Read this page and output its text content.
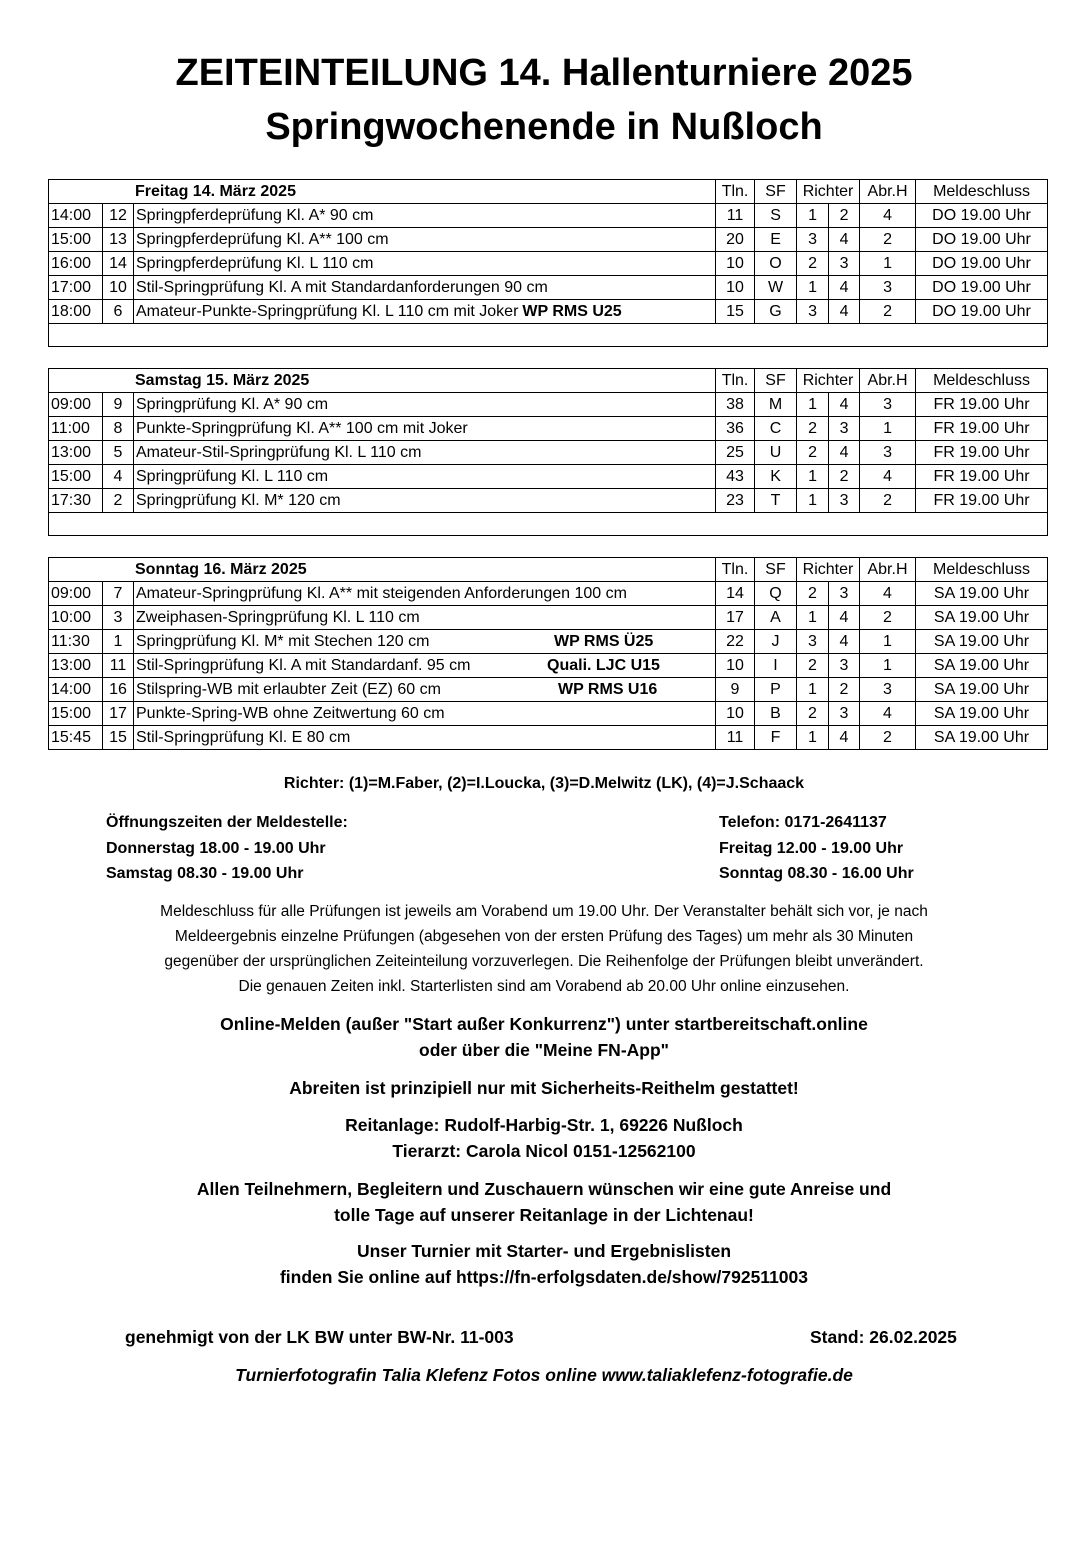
ZEITEINTEILUNG 14. Hallenturniere 2025
Springwochenende in Nußloch
Freitag 14. März 2025			Tln.	SF	Richter		Abr.H	Meldeschluss
14:00	12	Springpferdeprüfung Kl. A* 90 cm	11	S	1	2	4	DO 19.00 Uhr
15:00	13	Springpferdeprüfung Kl. A** 100 cm	20	E	3	4	2	DO 19.00 Uhr
16:00	14	Springpferdeprüfung Kl. L 110 cm	10	O	2	3	1	DO 19.00 Uhr
17:00	10	Stil-Springprüfung Kl. A mit Standardanforderungen 90 cm	10	W	1	4	3	DO 19.00 Uhr
18:00	6	Amateur-Punkte-Springprüfung Kl. L 110 cm mit Joker WP RMS U25	15	G	3	4	2	DO 19.00 Uhr

Samstag 15. März 2025			Tln.	SF	Richter		Abr.H	Meldeschluss
09:00	9	Springprüfung Kl. A* 90 cm	38	M	1	4	3	FR 19.00 Uhr
11:00	8	Punkte-Springprüfung Kl. A** 100 cm mit Joker	36	C	2	3	1	FR 19.00 Uhr
13:00	5	Amateur-Stil-Springprüfung Kl. L 110 cm	25	U	2	4	3	FR 19.00 Uhr
15:00	4	Springprüfung Kl. L 110 cm	43	K	1	2	4	FR 19.00 Uhr
17:30	2	Springprüfung Kl. M* 120 cm	23	T	1	3	2	FR 19.00 Uhr

Sonntag 16. März 2025			Tln.	SF	Richter		Abr.H	Meldeschluss
09:00	7	Amateur-Springprüfung Kl. A** mit steigenden Anforderungen 100 cm	14	Q	2	3	4	SA 19.00 Uhr
10:00	3	Zweiphasen-Springprüfung Kl. L 110 cm	17	A	1	4	2	SA 19.00 Uhr
11:30	1	Springprüfung Kl. M* mit Stechen 120 cm WP RMS Ü25	22	J	3	4	1	SA 19.00 Uhr
13:00	11	Stil-Springprüfung Kl. A mit Standardanf. 95 cm Quali. LJC U15	10	I	2	3	1	SA 19.00 Uhr
14:00	16	Stilspring-WB mit erlaubter Zeit (EZ) 60 cm WP RMS U16	9	P	1	2	3	SA 19.00 Uhr
15:00	17	Punkte-Spring-WB ohne Zeitwertung 60 cm	10	B	2	3	4	SA 19.00 Uhr
15:45	15	Stil-Springprüfung Kl. E 80 cm	11	F	1	4	2	SA 19.00 Uhr
Richter: (1)=M.Faber, (2)=I.Loucka, (3)=D.Melwitz (LK), (4)=J.Schaack
Öffnungszeiten der Meldestelle:
Donnerstag 18.00 - 19.00 Uhr
Samstag 08.30 - 19.00 Uhr
Telefon: 0171-2641137
Freitag 12.00 - 19.00 Uhr
Sonntag 08.30 - 16.00 Uhr
Meldeschluss für alle Prüfungen ist jeweils am Vorabend um 19.00 Uhr. Der Veranstalter behält sich vor, je nach
Meldeergebnis einzelne Prüfungen (abgesehen von der ersten Prüfung des Tages) um mehr als 30 Minuten
gegenüber der ursprünglichen Zeiteinteilung vorzuverlegen. Die Reihenfolge der Prüfungen bleibt unverändert.
Die genauen Zeiten inkl. Starterlisten sind am Vorabend ab 20.00 Uhr online einzusehen.
Online-Melden (außer "Start außer Konkurrenz") unter startbereitschaft.online
oder über die "Meine FN-App"
Abreiten ist prinzipiell nur mit Sicherheits-Reithelm gestattet!
Reitanlage: Rudolf-Harbig-Str. 1, 69226 Nußloch
Tierarzt: Carola Nicol 0151-12562100
Allen Teilnehmern, Begleitern und Zuschauern wünschen wir eine gute Anreise und
tolle Tage auf unserer Reitanlage in der Lichtenau!
Unser Turnier mit Starter- und Ergebnislisten
finden Sie online auf https://fn-erfolgsdaten.de/show/792511003
genehmigt von der LK BW unter BW-Nr. 11-003	Stand: 26.02.2025
Turnierfotografin Talia Klefenz Fotos online www.taliaklefenz-fotografie.de
